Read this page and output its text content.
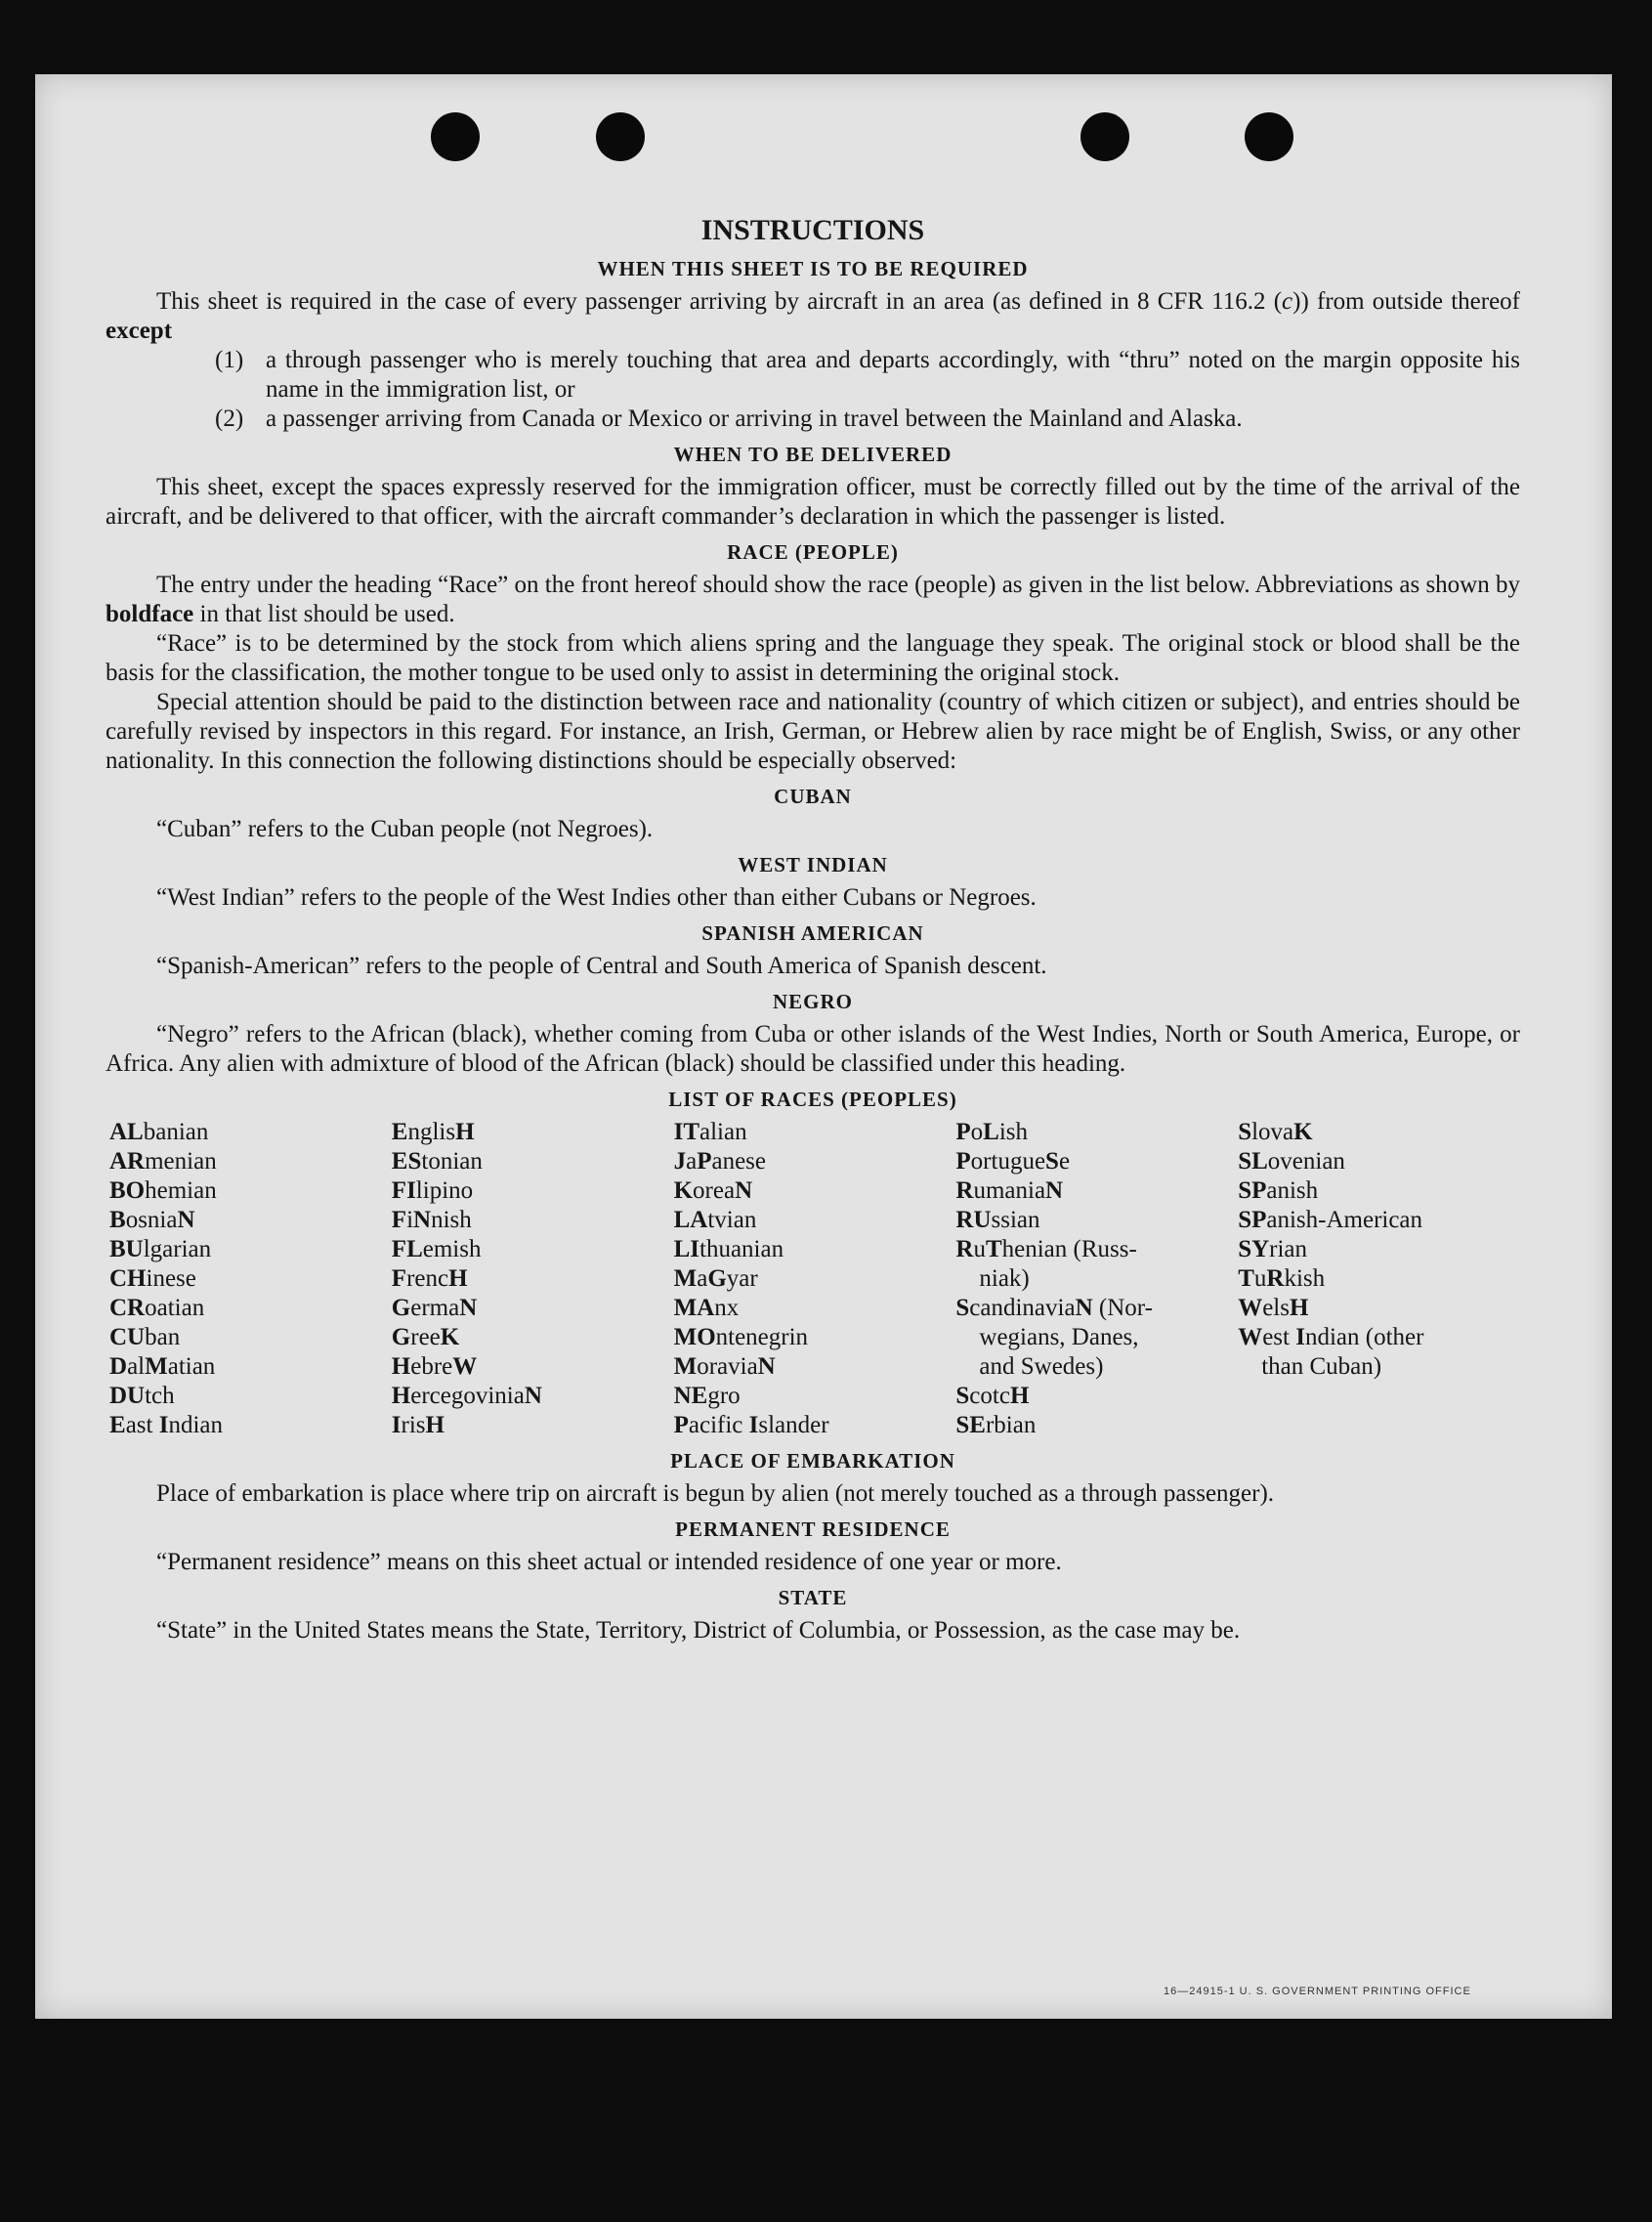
INSTRUCTIONS
WHEN THIS SHEET IS TO BE REQUIRED

This sheet is required in the case of every passenger arriving by aircraft in an area (as defined in 8 CFR 116.2 (c)) from outside thereof except

(1) a through passenger who is merely touching that area and departs accordingly, with “thru” noted on the margin opposite his name in the immigration list, or
(2) a passenger arriving from Canada or Mexico or arriving in travel between the Mainland and Alaska.
WHEN TO BE DELIVERED

This sheet, except the spaces expressly reserved for the immigration officer, must be correctly filled out by the time of the arrival of the aircraft, and be delivered to that officer, with the aircraft commander’s declaration in which the passenger is listed.

RACE (PEOPLE)

The entry under the heading “Race” on the front hereof should show the race (people) as given in the list below. Abbreviations as shown by boldface in that list should be used.

“Race” is to be determined by the stock from which aliens spring and the language they speak. The original stock or blood shall be the basis for the classification, the mother tongue to be used only to assist in determining the original stock.

Special attention should be paid to the distinction between race and nationality (country of which citizen or subject), and entries should be carefully revised by inspectors in this regard. For instance, an Irish, German, or Hebrew alien by race might be of English, Swiss, or any other nationality. In this connection the following distinctions should be especially observed:

CUBAN

“Cuban” refers to the Cuban people (not Negroes).

WEST INDIAN

“West Indian” refers to the people of the West Indies other than either Cubans or Negroes.

SPANISH AMERICAN

“Spanish-American” refers to the people of Central and South America of Spanish descent.

NEGRO

“Negro” refers to the African (black), whether coming from Cuba or other islands of the West Indies, North or South America, Europe, or Africa. Any alien with admixture of blood of the African (black) should be classified under this heading.

LIST OF RACES (PEOPLES)
ALbanian
ARmenian
BOhemian
BosniaN
BUlgarian
CHinese
CRoatian
CUban
DalMatian
DUtch
East Indian
EnglisH
EStonian
FIlipino
FiNnish
FLemish
FrencH
GermaN
GreeK
HebreW
HercegoviniaN
IrisH
ITalian
JaPanese
KoreaN
LAtvian
LIthuanian
MaGyar
MAnx
MOntenegrin
MoraviaN
NEgro
Pacific Islander
PoLish
PortugueSe
RumaniaN
RUssian
RuThenian (Russ-
niak)
ScandinaviaN (Nor-
wegians, Danes,
and Swedes)
ScotcH
SErbian
SlovaK
SLovenian
SPanish
SPanish-American
SYrian
TuRkish
WelsH
West Indian (other
than Cuban)
PLACE OF EMBARKATION

Place of embarkation is place where trip on aircraft is begun by alien (not merely touched as a through passenger).

PERMANENT RESIDENCE

“Permanent residence” means on this sheet actual or intended residence of one year or more.

STATE

“State” in the United States means the State, Territory, District of Columbia, or Possession, as the case may be.

16—24915-1 U. S. GOVERNMENT PRINTING OFFICE
